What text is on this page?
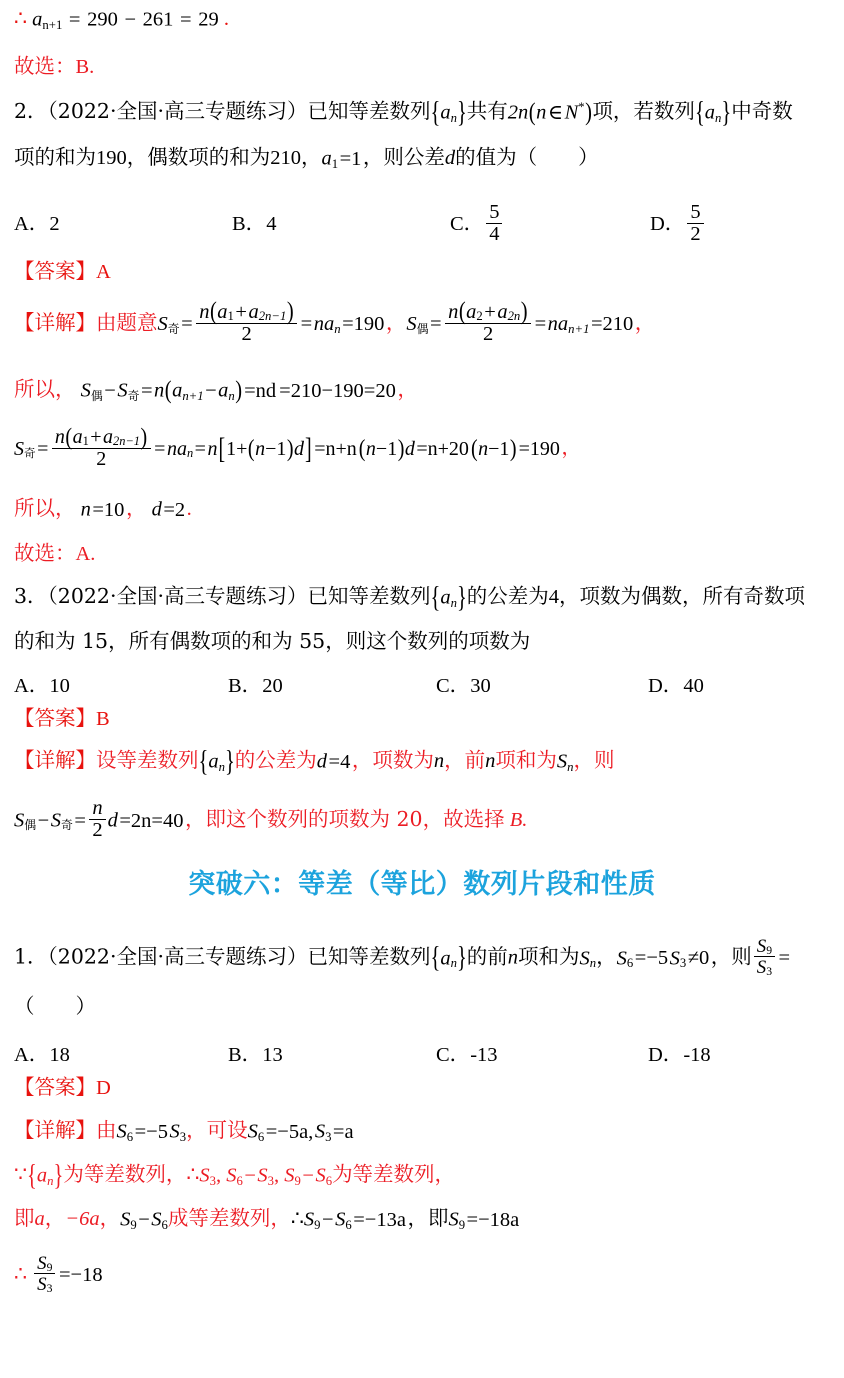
∴ $a_{n+1} = 290 - 261 = 29$ .
故选：B.
2．（2022·全国·高三专题练习）已知等差数列$\{a_n\}$共有2n(n∈N*)项，若数列$\{a_n\}$中奇数
项的和为190，偶数项的和为210，$a_1=1$，则公差d的值为（　　）
A．2	B．4	C． $\frac{5}{4}$	D． $\frac{5}{2}$
【答案】A
【详解】由题意$S_奇= \frac{n(a_1+a_{2n-1})}{2} =na_n=190$，$S_偶= \frac{n(a_2+a_{2n})}{2} =na_{n+1}=210$，
所以， $S_偶-S_奇=n(a_{n+1}-a_n)=nd =210-190=20$，
$S_奇= \frac{n(a_1+a_{2n-1})}{2} =na_n=n[1+(n-1)d] =n+n$ (n−1)d=n+20 (n−1) =190，
所以， n=10， d=2.
故选：A.
3．（2022·全国·高三专题练习）已知等差数列$\{a_n\}$的公差为4，项数为偶数，所有奇数项
的和为 15，所有偶数项的和为 55，则这个数列的项数为
A．10	B．20	C．30	D．40
【答案】B
【详解】设等差数列$\{a_n\}$的公差为d=4，项数为n，前n项和为$S_n$，则
$S_偶-S_奇= \frac{n}{2} d=2n=40$，即这个数列的项数为 20，故选择 B.
突破六：等差（等比）数列片段和性质
1．（2022·全国·高三专题练习）已知等差数列$\{a_n\}$的前n项和为$S_n$，$S_6=-5S_3\ne 0$，则 $\frac{S_9}{S_3}$ =
（　　）
A．18	B．13	C．-13	D．-18
【答案】D
【详解】由$S_6=-5S_3$，可设$S_6=-5a,S_3=a$
$\because\{a_n\}$为等差数列，$\therefore S_3$, $S_6-S_3$, $S_9-S_6$为等差数列，
即a，−6a，$S_9-S_6$成等差数列，$\therefore S_9-S_6=-13a$，即$S_9=-18a$
∴ $\frac{S_9}{S_3} =-18$
